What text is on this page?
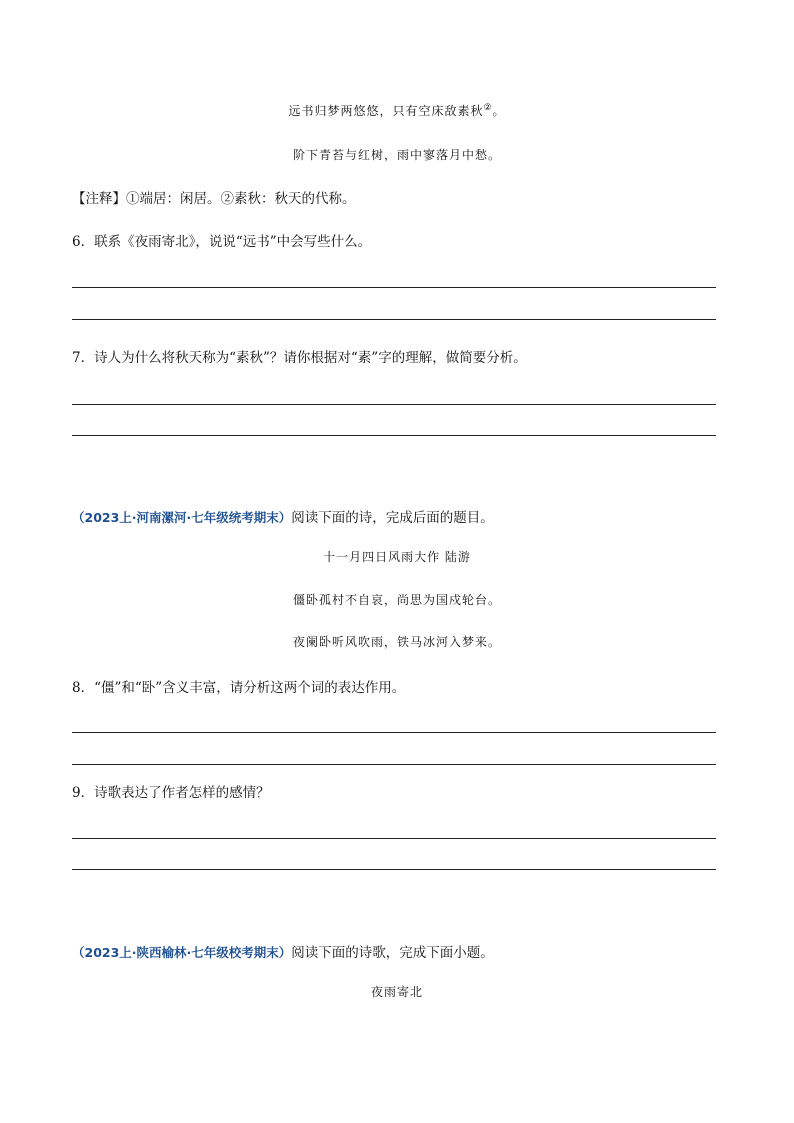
远书归梦两悠悠，只有空床敌素秋②。
阶下青苔与红树，雨中寥落月中愁。
【注释】①端居：闲居。②素秋：秋天的代称。
6．联系《夜雨寄北》，说说“远书”中会写些什么。
7．诗人为什么将秋天称为“素秋”？请你根据对“素”字的理解，做简要分析。
（2023上·河南漯河·七年级统考期末）阅读下面的诗，完成后面的题目。
十一月四日风雨大作 陆游
僵卧孤村不自哀，尚思为国戍轮台。
夜阑卧听风吹雨，铁马冰河入梦来。
8．“僵”和“卧”含义丰富，请分析这两个词的表达作用。
9．诗歌表达了作者怎样的感情？
（2023上·陕西榆林·七年级校考期末）阅读下面的诗歌，完成下面小题。
夜雨寄北
